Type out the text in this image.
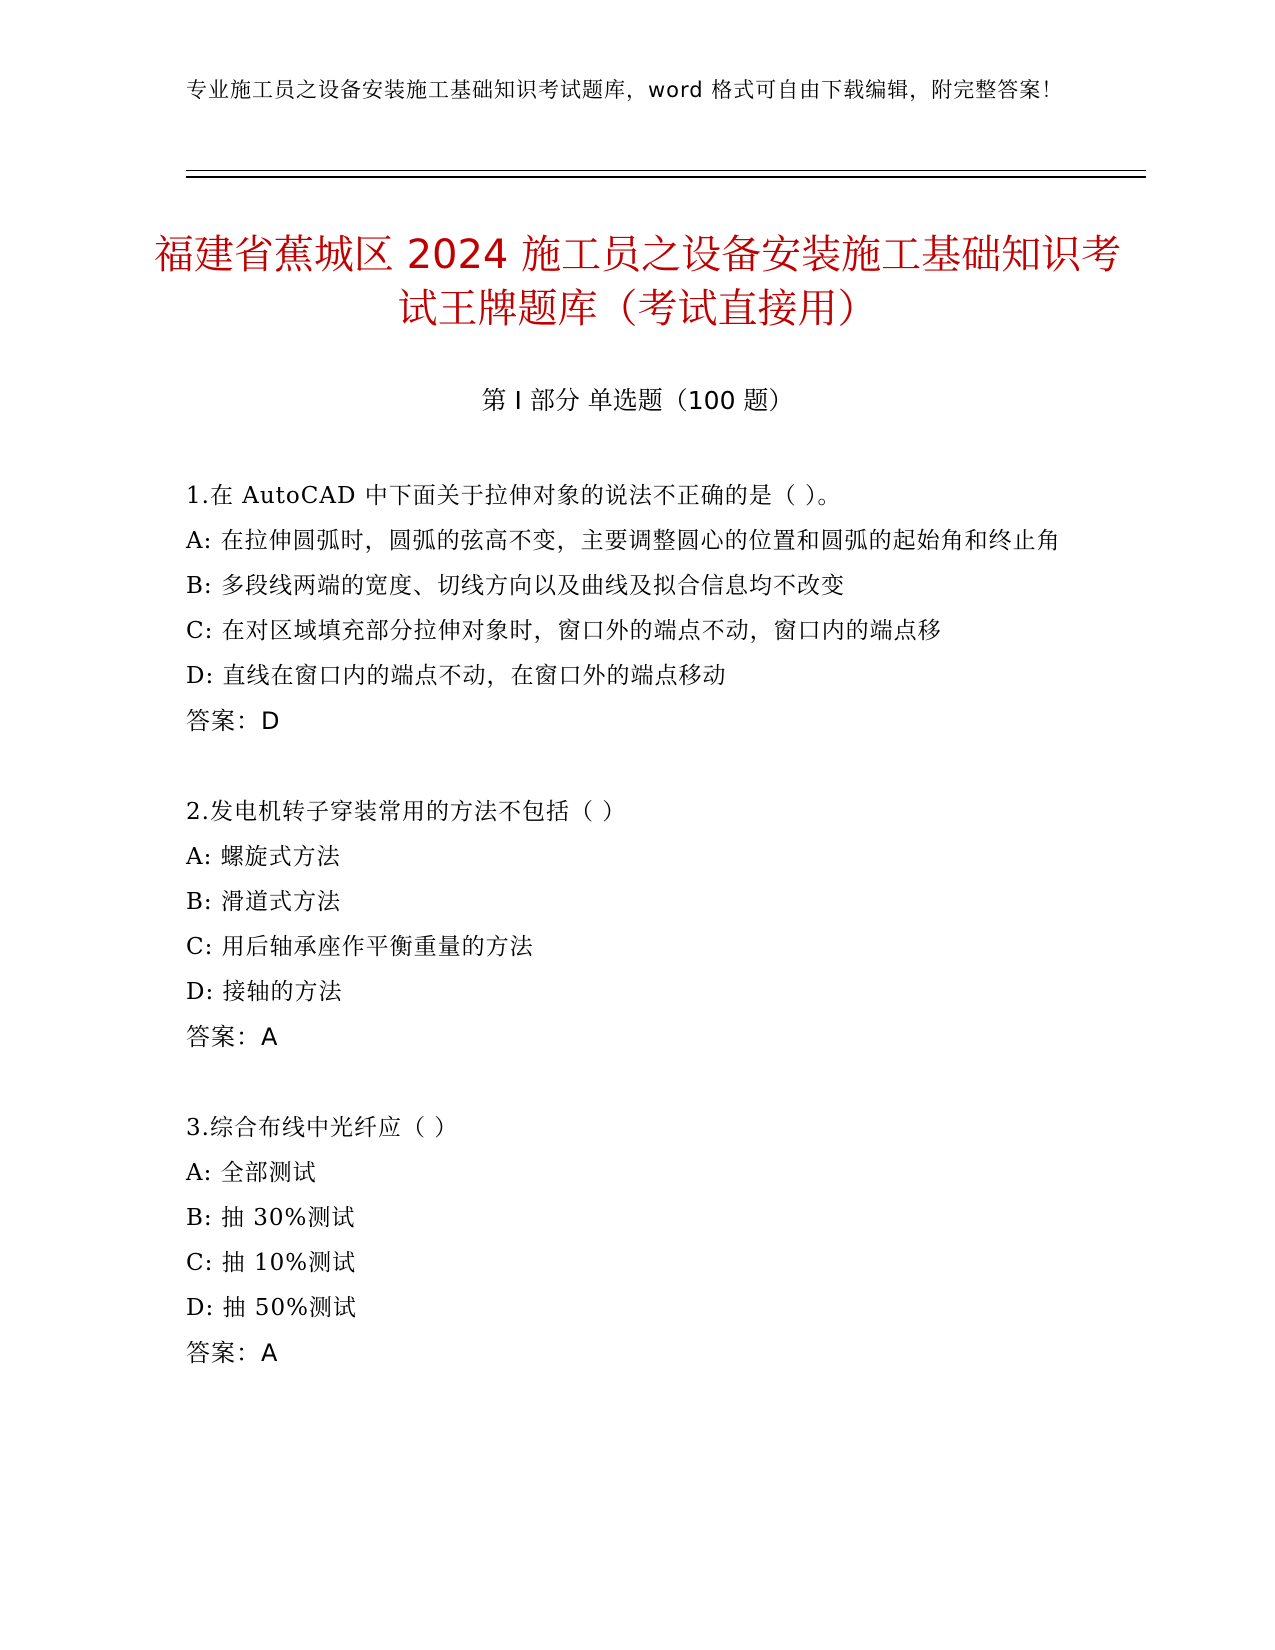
专业施工员之设备安装施工基础知识考试题库，word 格式可自由下载编辑，附完整答案！
福建省蕉城区 2024 施工员之设备安装施工基础知识考试王牌题库（考试直接用）
第 I 部分 单选题（100 题）

1.在 AutoCAD 中下面关于拉伸对象的说法不正确的是（ ）。

A: 在拉伸圆弧时，圆弧的弦高不变，主要调整圆心的位置和圆弧的起始角和终止角

B: 多段线两端的宽度、切线方向以及曲线及拟合信息均不改变

C: 在对区域填充部分拉伸对象时，窗口外的端点不动，窗口内的端点移

D: 直线在窗口内的端点不动，在窗口外的端点移动

答案：D

2.发电机转子穿装常用的方法不包括（ ）

A: 螺旋式方法

B: 滑道式方法

C: 用后轴承座作平衡重量的方法

D: 接轴的方法

答案：A

3.综合布线中光纤应（ ）

A: 全部测试

B: 抽 30%测试

C: 抽 10%测试

D: 抽 50%测试

答案：A
